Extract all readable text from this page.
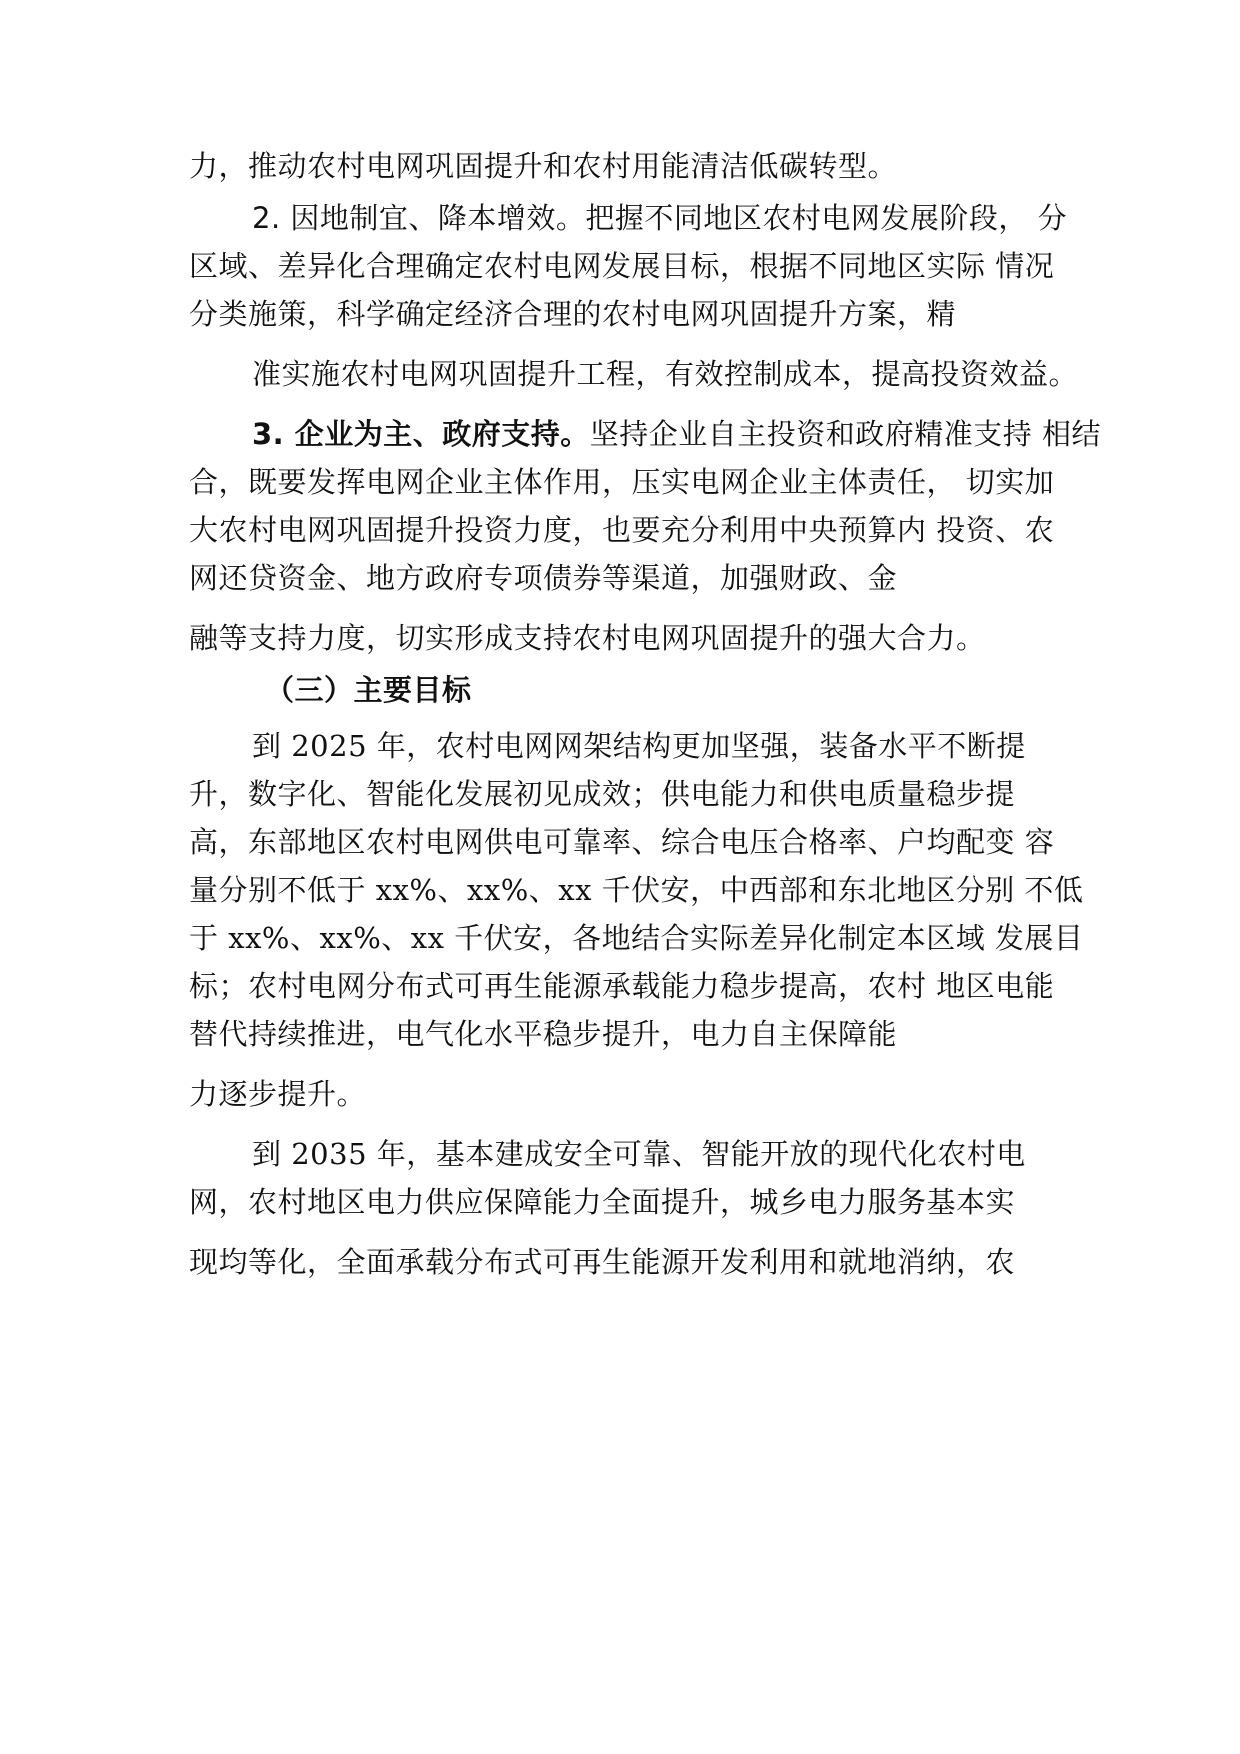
力，推动农村电网巩固提升和农村用能清洁低碳转型。
2. 因地制宜、降本增效。把握不同地区农村电网发展阶段， 分
区域、差异化合理确定农村电网发展目标，根据不同地区实际 情况
分类施策，科学确定经济合理的农村电网巩固提升方案，精
准实施农村电网巩固提升工程，有效控制成本，提高投资效益。
3. 企业为主、政府支持。坚持企业自主投资和政府精准支持 相结
合，既要发挥电网企业主体作用，压实电网企业主体责任， 切实加
大农村电网巩固提升投资力度，也要充分利用中央预算内 投资、农
网还贷资金、地方政府专项债券等渠道，加强财政、金
融等支持力度，切实形成支持农村电网巩固提升的强大合力。
（三）主要目标
到 2025 年，农村电网网架结构更加坚强，装备水平不断提
升，数字化、智能化发展初见成效；供电能力和供电质量稳步提
高，东部地区农村电网供电可靠率、综合电压合格率、户均配变 容
量分别不低于 xx%、xx%、xx 千伏安，中西部和东北地区分别 不低
于 xx%、xx%、xx 千伏安，各地结合实际差异化制定本区域 发展目
标；农村电网分布式可再生能源承载能力稳步提高，农村 地区电能
替代持续推进，电气化水平稳步提升，电力自主保障能
力逐步提升。
到 2035 年，基本建成安全可靠、智能开放的现代化农村电
网，农村地区电力供应保障能力全面提升，城乡电力服务基本实
现均等化，全面承载分布式可再生能源开发利用和就地消纳，农
